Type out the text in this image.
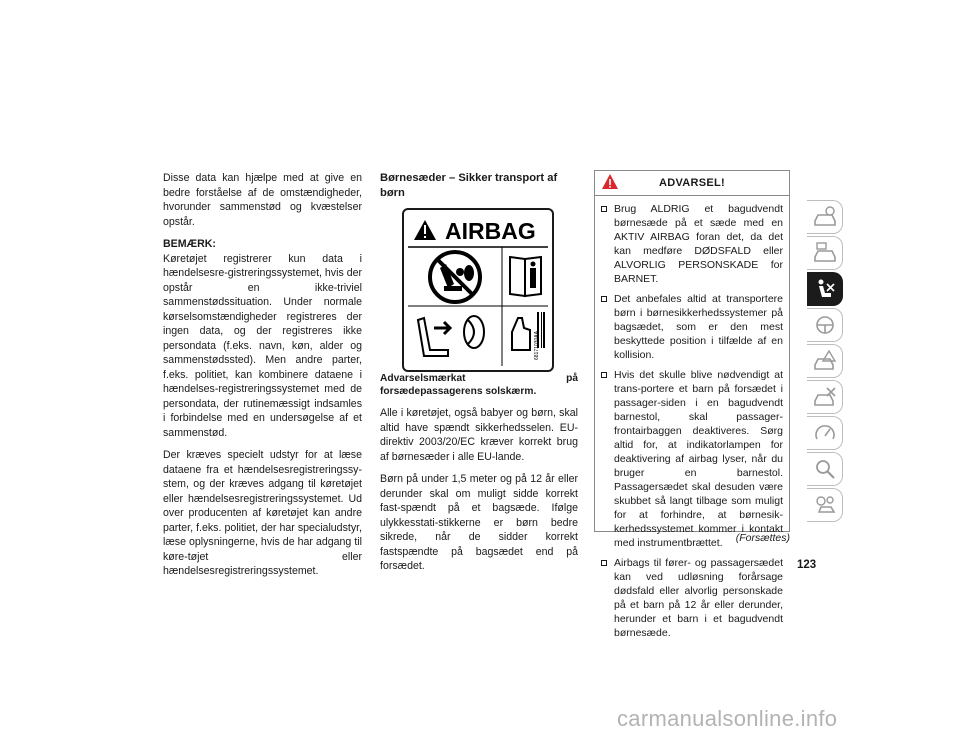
Disse data kan hjælpe med at give en bedre forståelse af de omstændigheder, hvorunder sammenstød og kvæstelser opstår.

BEMÆRK:

Køretøjet registrerer kun data i hændelsesre-gistreringssystemet, hvis der opstår en ikke-triviel sammenstødssituation. Under normale kørselsomstændigheder registreres der ingen data, og der registreres ikke persondata (f.eks. navn, køn, alder og sammenstødssted). Men andre parter, f.eks. politiet, kan kombinere dataene i hændelses-registreringssystemet med de persondata, der rutinemæssigt indsamles i forbindelse med en undersøgelse af et sammenstød.

Der kræves specielt udstyr for at læse dataene fra et hændelsesregistreringssy-stem, og der kræves adgang til køretøjet eller hændelsesregistreringssystemet. Ud over producenten af køretøjet kan andre parter, f.eks. politiet, der har specialudstyr, læse oplysningerne, hvis de har adgang til køre-tøjet eller hændelsesregistreringssystemet.

Børnesæder – Sikker transport af børn
AIRBAG
68171030AA

Advarselsmærkat på forsædepassagerens solskærm.

Alle i køretøjet, også babyer og børn, skal altid have spændt sikkerhedsselen. EU-direktiv 2003/20/EC kræver korrekt brug af børnesæder i alle EU-lande.

Børn på under 1,5 meter og på 12 år eller derunder skal om muligt sidde korrekt fast-spændt på et bagsæde. Ifølge ulykkesstati-stikkerne er børn bedre sikrede, når de sidder korrekt fastspændte på bagsædet end på forsædet.

ADVARSEL!
Brug ALDRIG et bagudvendt børnesæde på et sæde med en AKTIV AIRBAG foran det, da det kan medføre DØDSFALD eller ALVORLIG PERSONSKADE for BARNET.
Det anbefales altid at transportere børn i børnesikkerhedssystemer på bagsædet, som er den mest beskyttede position i tilfælde af en kollision.
Hvis det skulle blive nødvendigt at trans-portere et barn på forsædet i passager-siden i en bagudvendt barnestol, skal passager-frontairbaggen deaktiveres. Sørg altid for, at indikatorlampen for deaktivering af airbag lyser, når du bruger en barnestol. Passagersædet skal desuden være skubbet så langt tilbage som muligt for at forhindre, at børnesik-kerhedssystemet kommer i kontakt med instrumentbrættet.
Airbags til fører- og passagersædet kan ved udløsning forårsage dødsfald eller alvorlig personskade på et barn på 12 år eller derunder, herunder et barn i et bagudvendt børnesæde.
(Forsættes)
123
carmanualsonline.info
